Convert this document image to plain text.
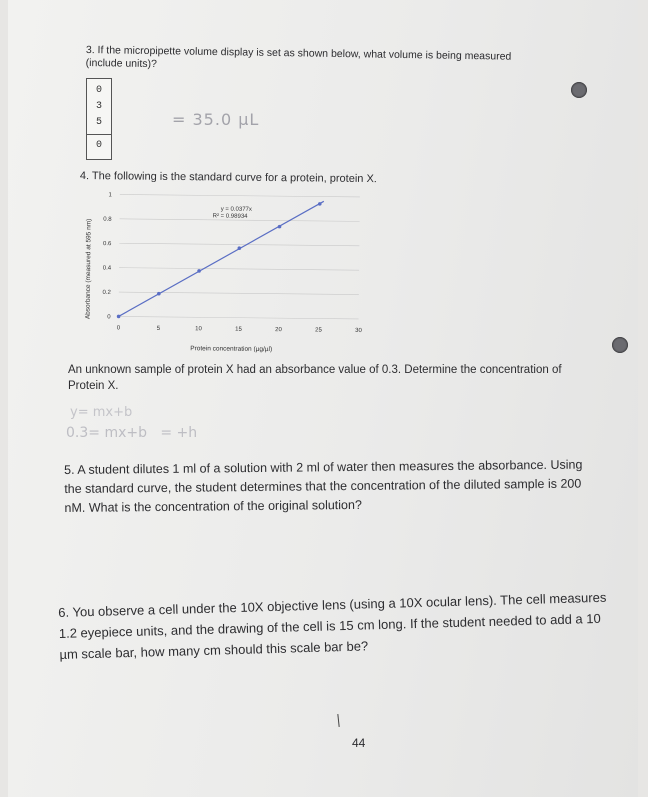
3. If the micropipette volume display is set as shown below, what volume is being measured (include units)?
0
3
5
0
= 35.0 µL
4. The following is the standard curve for a protein, protein X.
0
0.2
0.4
0.6
0.8
1
0	5	10	15	20	25	30
y = 0.0377x
R² = 0.98934
Protein concentration (µg/µl)
Absorbance (measured at 595 nm)
An unknown sample of protein X had an absorbance value of 0.3. Determine the concentration of Protein X.
y= mx+b
0.3= mx+b   = +h
5. A student dilutes 1 ml of a solution with 2 ml of water then measures the absorbance. Using the standard curve, the student determines that the concentration of the diluted sample is 200 nM. What is the concentration of the original solution?
6. You observe a cell under the 10X objective lens (using a 10X ocular lens). The cell measures 1.2 eyepiece units, and the drawing of the cell is 15 cm long. If the student needed to add a 10 µm scale bar, how many cm should this scale bar be?
44
